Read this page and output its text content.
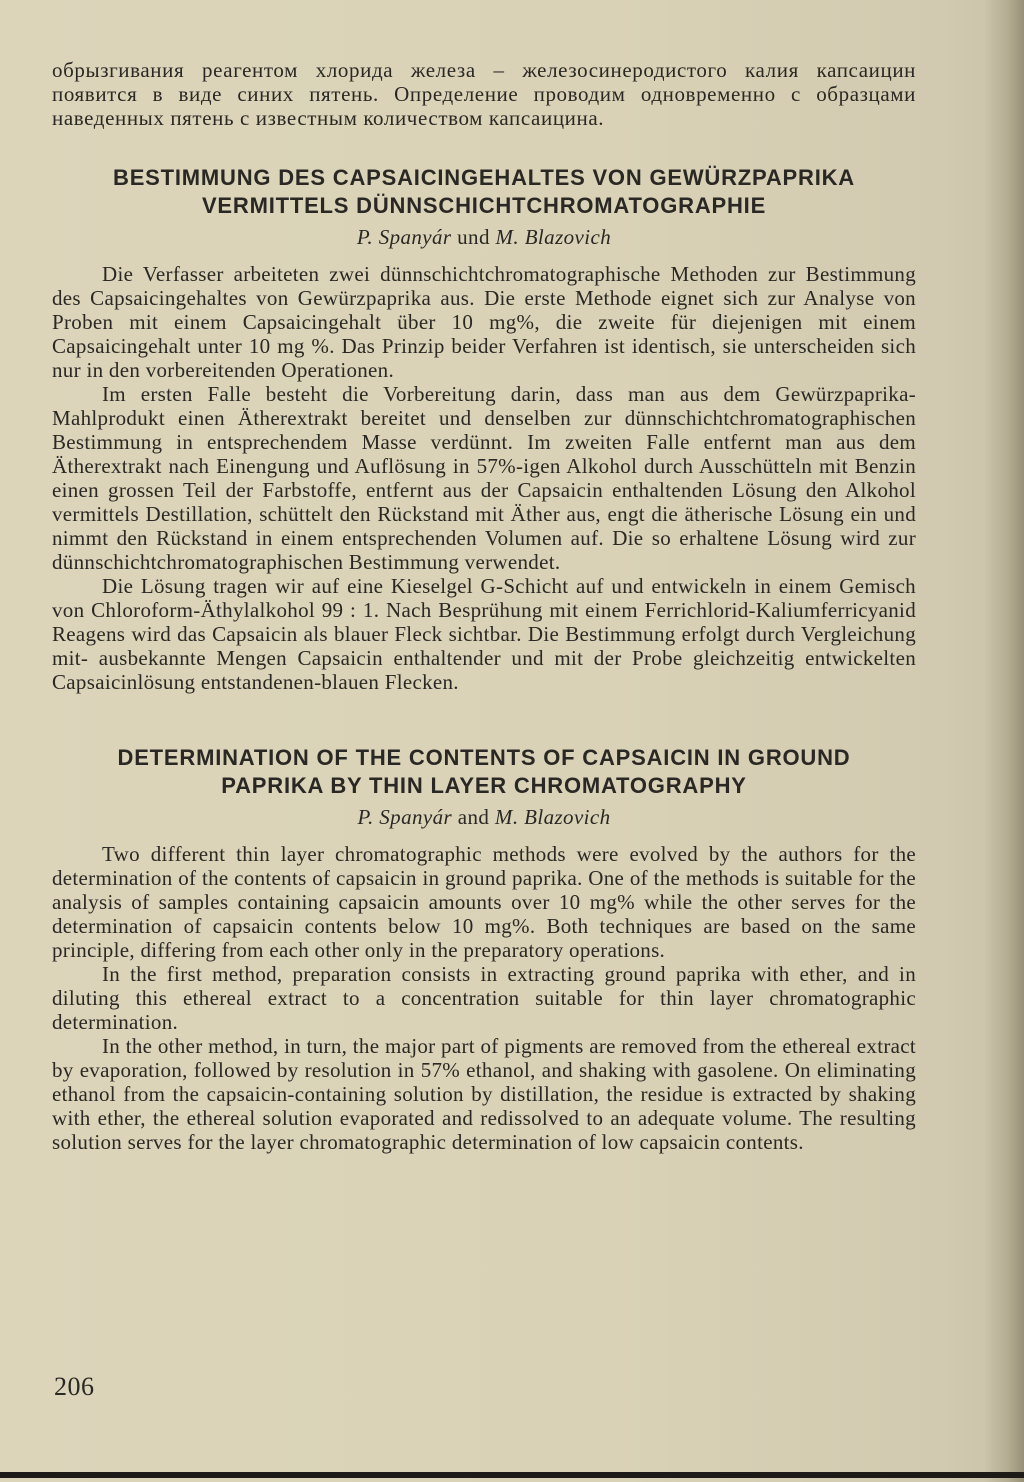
обрызгивания реагентом хлорида железа – железосинеродистого калия капсаицин появится в виде синих пятень. Определение проводим одновременно с образцами наведенных пятень с известным количеством капсаицина.

BESTIMMUNG DES CAPSAICINGEHALTES VON GEWÜRZPAPRIKA
VERMITTELS DÜNNSCHICHTCHROMATOGRAPHIE
P. Spanyár und M. Blazovich

Die Verfasser arbeiteten zwei dünnschichtchromatographische Methoden zur Bestimmung des Capsaicingehaltes von Gewürzpaprika aus. Die erste Methode eignet sich zur Analyse von Proben mit einem Capsaicingehalt über 10 mg%, die zweite für diejenigen mit einem Capsaicingehalt unter 10 mg %. Das Prinzip beider Verfahren ist identisch, sie unterscheiden sich nur in den vorbereitenden Operationen.

Im ersten Falle besteht die Vorbereitung darin, dass man aus dem Gewürzpaprika-Mahlprodukt einen Ätherextrakt bereitet und denselben zur dünnschichtchromatographischen Bestimmung in entsprechendem Masse verdünnt. Im zweiten Falle entfernt man aus dem Ätherextrakt nach Einengung und Auflösung in 57%-igen Alkohol durch Ausschütteln mit Benzin einen grossen Teil der Farbstoffe, entfernt aus der Capsaicin enthaltenden Lösung den Alkohol vermittels Destillation, schüttelt den Rückstand mit Äther aus, engt die ätherische Lösung ein und nimmt den Rückstand in einem entsprechenden Volumen auf. Die so erhaltene Lösung wird zur dünnschichtchromatographischen Bestimmung verwendet.

Die Lösung tragen wir auf eine Kieselgel G-Schicht auf und entwickeln in einem Gemisch von Chloroform-Äthylalkohol 99 : 1. Nach Besprühung mit einem Ferrichlorid-Kaliumferricyanid Reagens wird das Capsaicin als blauer Fleck sichtbar. Die Bestimmung erfolgt durch Vergleichung mit- ausbekannte Mengen Capsaicin enthaltender und mit der Probe gleichzeitig entwickelten Capsaicinlösung entstandenen-blauen Flecken.

DETERMINATION OF THE CONTENTS OF CAPSAICIN IN GROUND
PAPRIKA BY THIN LAYER CHROMATOGRAPHY
P. Spanyár and M. Blazovich

Two different thin layer chromatographic methods were evolved by the authors for the determination of the contents of capsaicin in ground paprika. One of the methods is suitable for the analysis of samples containing capsaicin amounts over 10 mg% while the other serves for the determination of capsaicin contents below 10 mg%. Both techniques are based on the same principle, differing from each other only in the preparatory operations.

In the first method, preparation consists in extracting ground paprika with ether, and in diluting this ethereal extract to a concentration suitable for thin layer chromatographic determination.

In the other method, in turn, the major part of pigments are removed from the ethereal extract by evaporation, followed by resolution in 57% ethanol, and shaking with gasolene. On eliminating ethanol from the capsaicin-containing solution by distillation, the residue is extracted by shaking with ether, the ethereal solution evaporated and redissolved to an adequate volume. The resulting solution serves for the layer chromatographic determination of low capsaicin contents.

206
